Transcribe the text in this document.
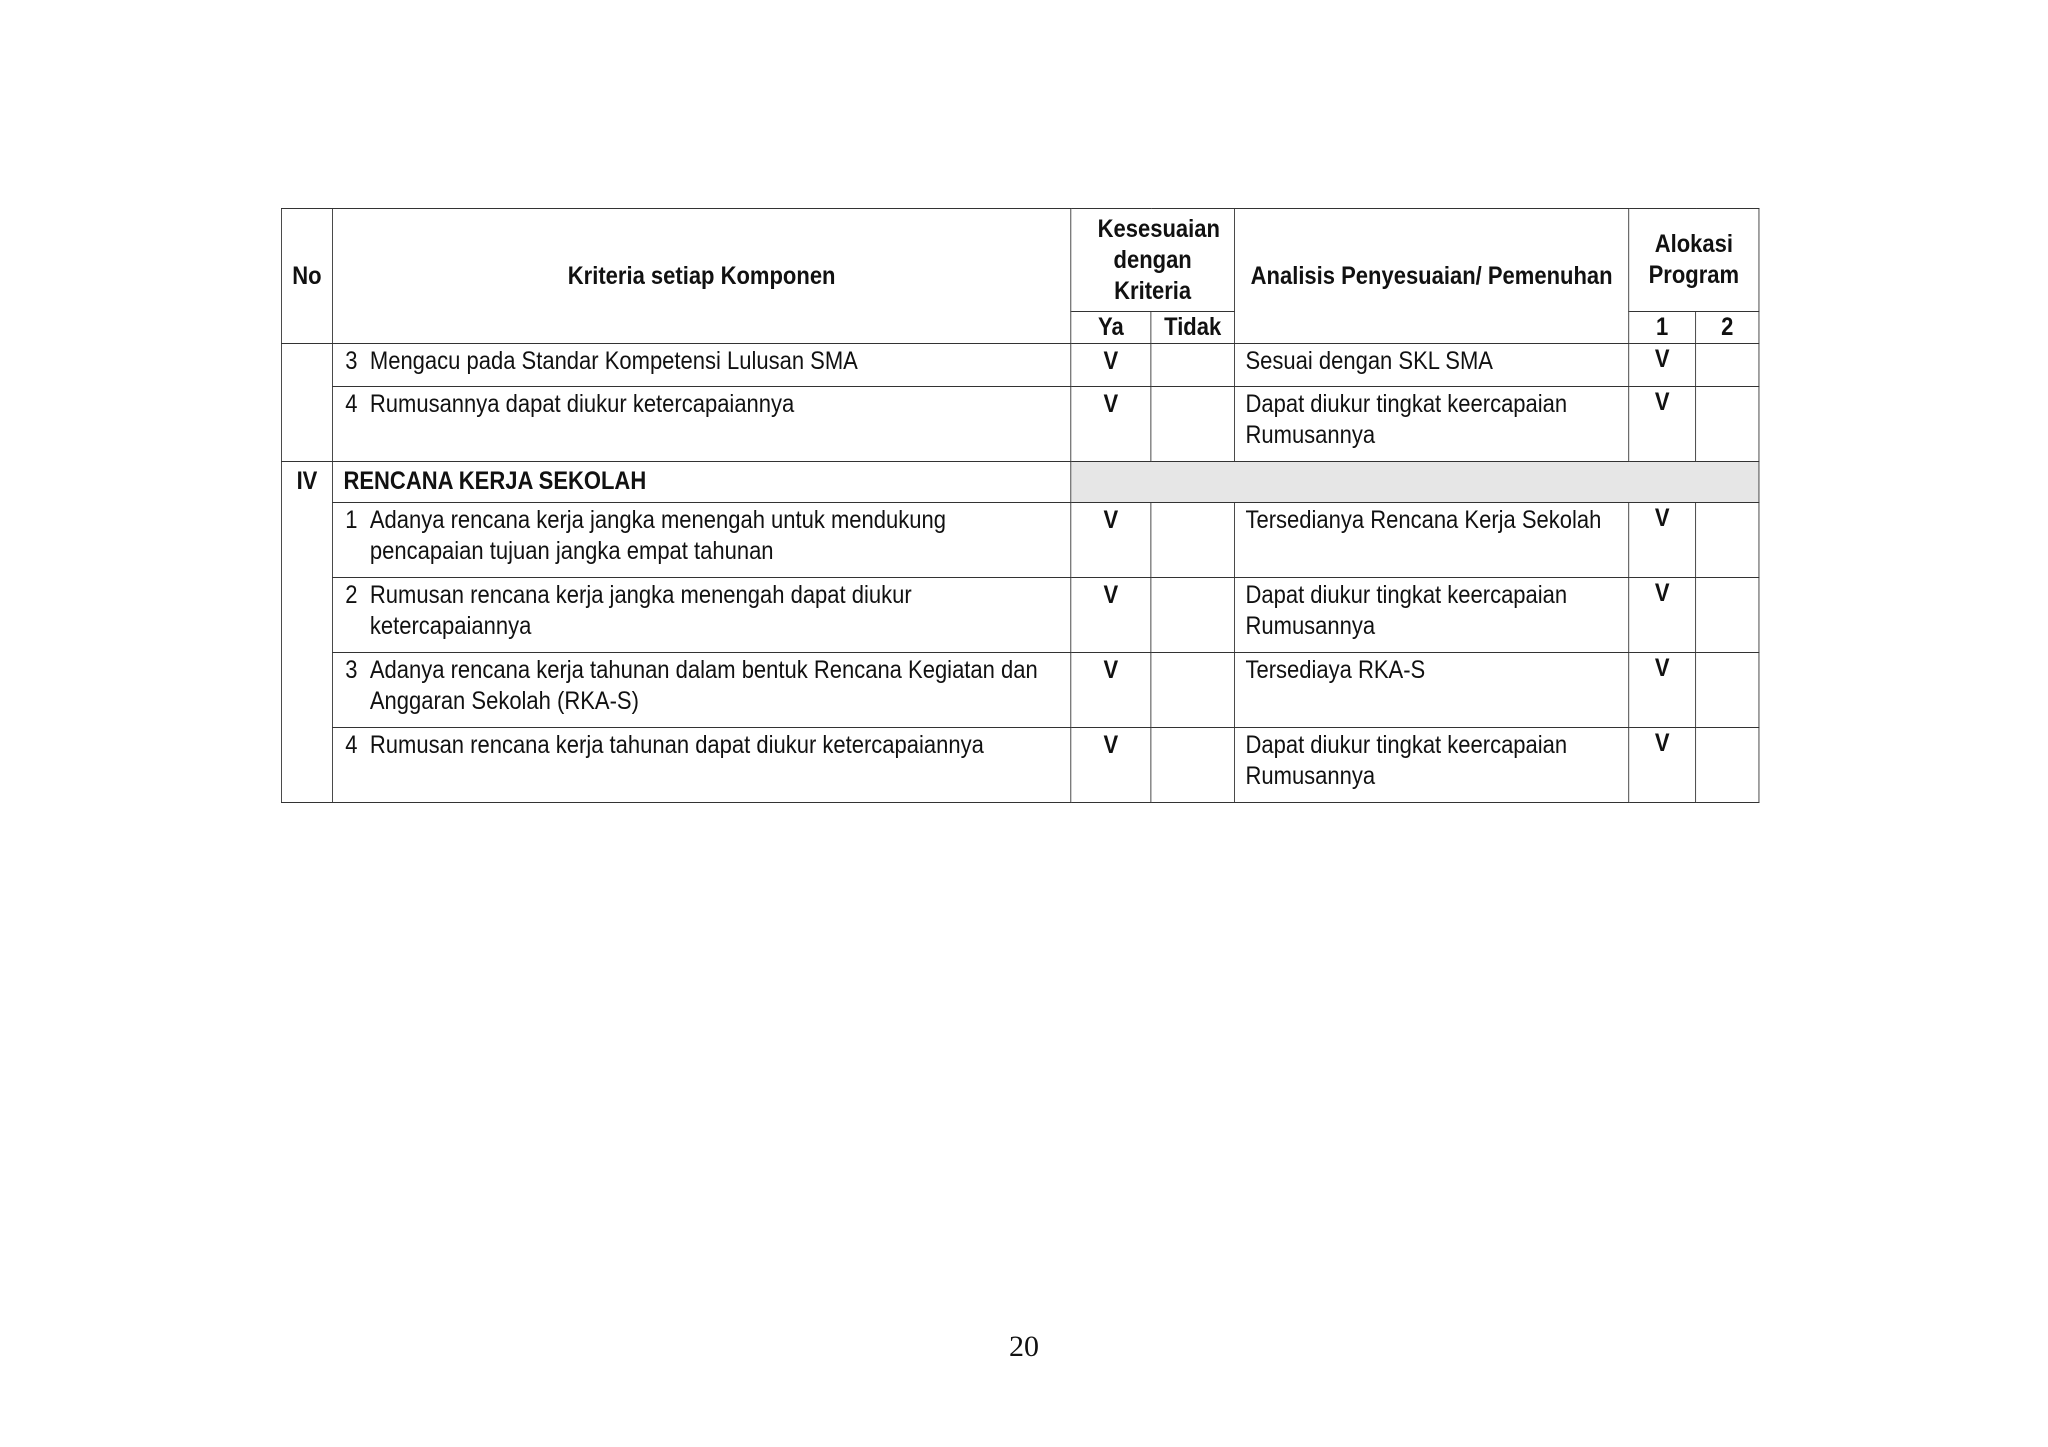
No	Kriteria setiap Komponen	Kesesuaian dengan Kriteria		Analisis Penyesuaian/ Pemenuhan	Alokasi Program	
		Ya	Tidak		1	2
	3 Mengacu pada Standar Kompetensi Lulusan SMA	V		Sesuai dengan SKL SMA	V	
	4 Rumusannya dapat diukur ketercapaiannya	V		Dapat diukur tingkat keercapaian Rumusannya	V	
IV	RENCANA KERJA SEKOLAH					
	1 Adanya rencana kerja jangka menengah untuk mendukung pencapaian tujuan jangka empat tahunan	V		Tersedianya Rencana Kerja Sekolah	V	
	2 Rumusan rencana kerja jangka menengah dapat diukur ketercapaiannya	V		Dapat diukur tingkat keercapaian Rumusannya	V	
	3 Adanya rencana kerja tahunan dalam bentuk Rencana Kegiatan dan Anggaran Sekolah (RKA-S)	V		Tersediaya RKA-S	V	
	4 Rumusan rencana kerja tahunan dapat diukur ketercapaiannya	V		Dapat diukur tingkat keercapaian Rumusannya	V	
20
